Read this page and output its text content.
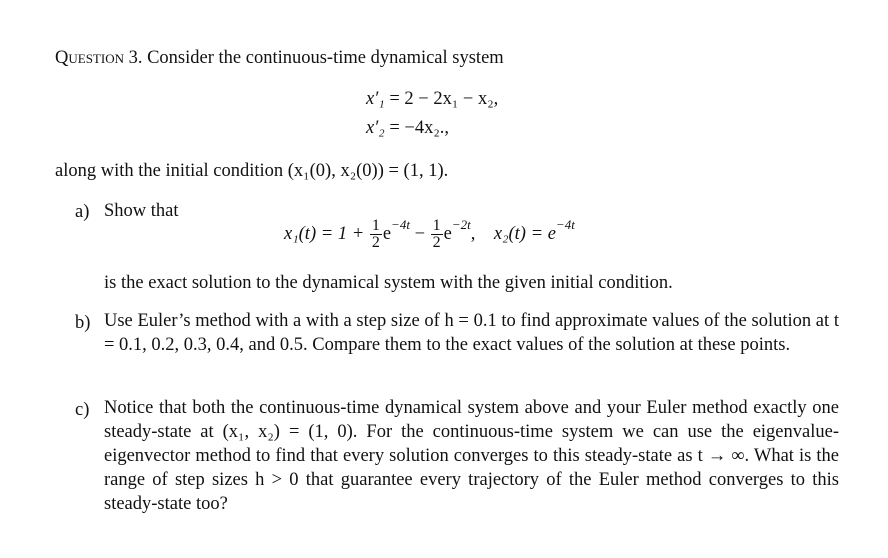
Question 3. Consider the continuous-time dynamical system
x′₁ = 2 − 2x₁ − x₂,
x′₂ = −4x₂.,
along with the initial condition (x₁(0), x₂(0)) = (1, 1).
a) Show that
$x_1(t) = 1 + \frac{1}{2} e^{-4t} - \frac{1}{2} e^{-2t}$, $x_2(t) = e^{-4t}$
is the exact solution to the dynamical system with the given initial condition.
b) Use Euler’s method with a with a step size of h = 0.1 to find approximate values of the solution at t = 0.1, 0.2, 0.3, 0.4, and 0.5. Compare them to the exact values of the solution at these points.
c) Notice that both the continuous-time dynamical system above and your Euler method exactly one steady-state at (x₁, x₂) = (1, 0). For the continuous-time system we can use the eigenvalue-eigenvector method to find that every solution converges to this steady-state as t → ∞. What is the range of step sizes h > 0 that guarantee every trajectory of the Euler method converges to this steady-state too?
